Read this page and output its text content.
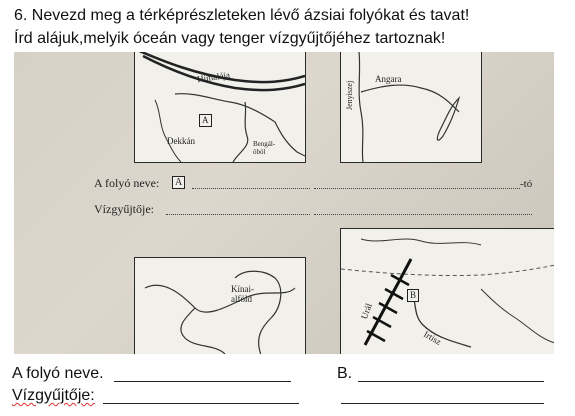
6. Nevezd meg a térképrészleteken lévő ázsiai folyókat és tavat!
Írd alájuk,melyik óceán vagy tenger vízgyűjtőjéhez tartoznak!
Himalája
A
Dekkán	Bengál-
öböl
Angara
Jenyiszej
A folyó neve:	A	-tó
Vízgyűjtője:
Kínai-
alföld
Urál
B
Irtisz
A folyó neve.	B.
Vízgyűjtője:
